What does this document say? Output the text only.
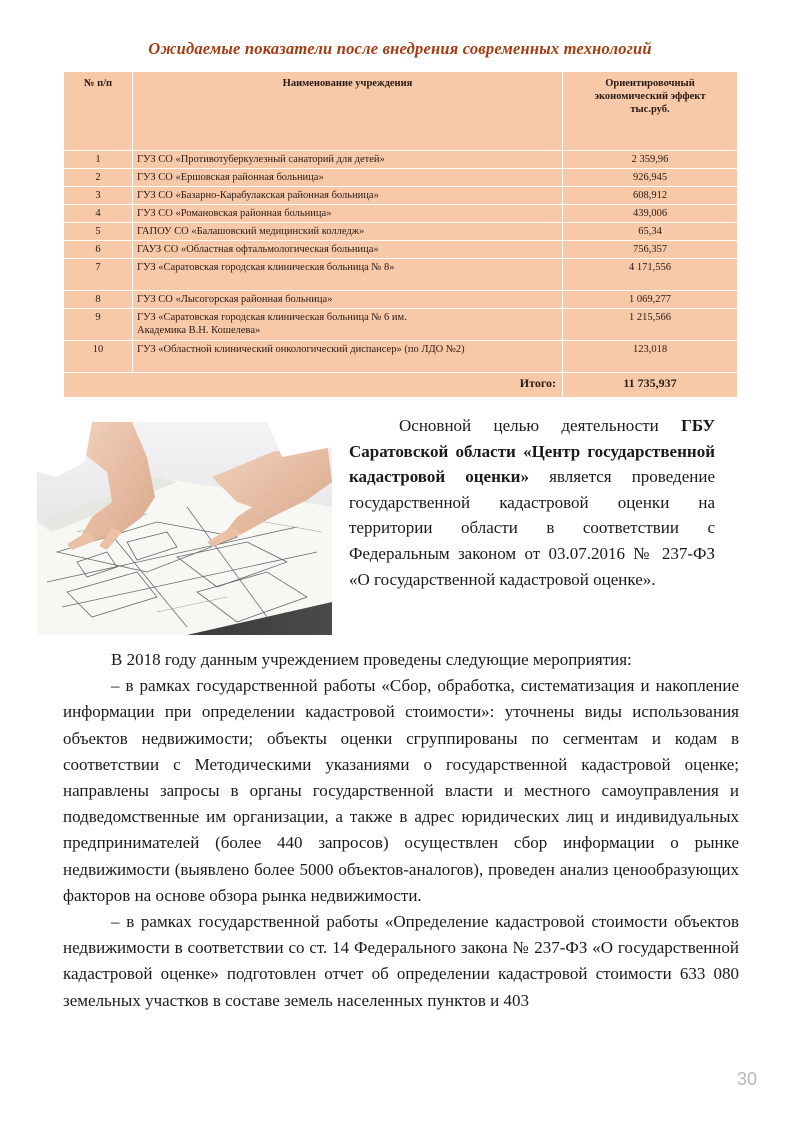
Ожидаемые показатели после внедрения современных технологий
№ п/п	Наименование учреждения	Ориентировочный экономический эффект тыс.руб.
1	ГУЗ СО «Противотуберкулезный санаторий для детей»	2 359,96
2	ГУЗ СО «Ершовская районная больница»	926,945
3	ГУЗ СО «Базарно-Карабулакская районная больница»	608,912
4	ГУЗ СО «Романовская районная больница»	439,006
5	ГАПОУ СО «Балашовский медицинский колледж»	65,34
6	ГАУЗ СО «Областная офтальмологическая больница»	756,357
7	ГУЗ «Саратовская городская клиническая больница № 8»	4 171,556
8	ГУЗ СО «Лысогорская районная больница»	1 069,277
9	ГУЗ «Саратовская городская клиническая больница № 6 им. Академика В.Н. Кошелева»	1 215,566
10	ГУЗ «Областной клинический онкологический диспансер» (по ЛДО №2)	123,018
Итого:		11 735,937

Основной целью деятельности ГБУ Саратовской области «Центр государственной кадастровой оценки» является проведение государственной кадастровой оценки на территории области в соответствии с Федеральным законом от 03.07.2016 № 237-ФЗ «О государственной кадастровой оценке».

В 2018 году данным учреждением проведены следующие мероприятия:

– в рамках государственной работы «Сбор, обработка, систематизация и накопление информации при определении кадастровой стоимости»: уточнены виды использования объектов недвижимости; объекты оценки сгруппированы по сегментам и кодам в соответствии с Методическими указаниями о государственной кадастровой оценке; направлены запросы в органы государственной власти и местного самоуправления и подведомственные им организации, а также в адрес юридических лиц и индивидуальных предпринимателей (более 440 запросов) осуществлен сбор информации о рынке недвижимости (выявлено более 5000 объектов-аналогов), проведен анализ ценообразующих факторов на основе обзора рынка недвижимости.

– в рамках государственной работы «Определение кадастровой стоимости объектов недвижимости в соответствии со ст. 14 Федерального закона № 237-ФЗ «О государственной кадастровой оценке» подготовлен отчет об определении кадастровой стоимости 633 080 земельных участков в составе земель населенных пунктов и 403

30
